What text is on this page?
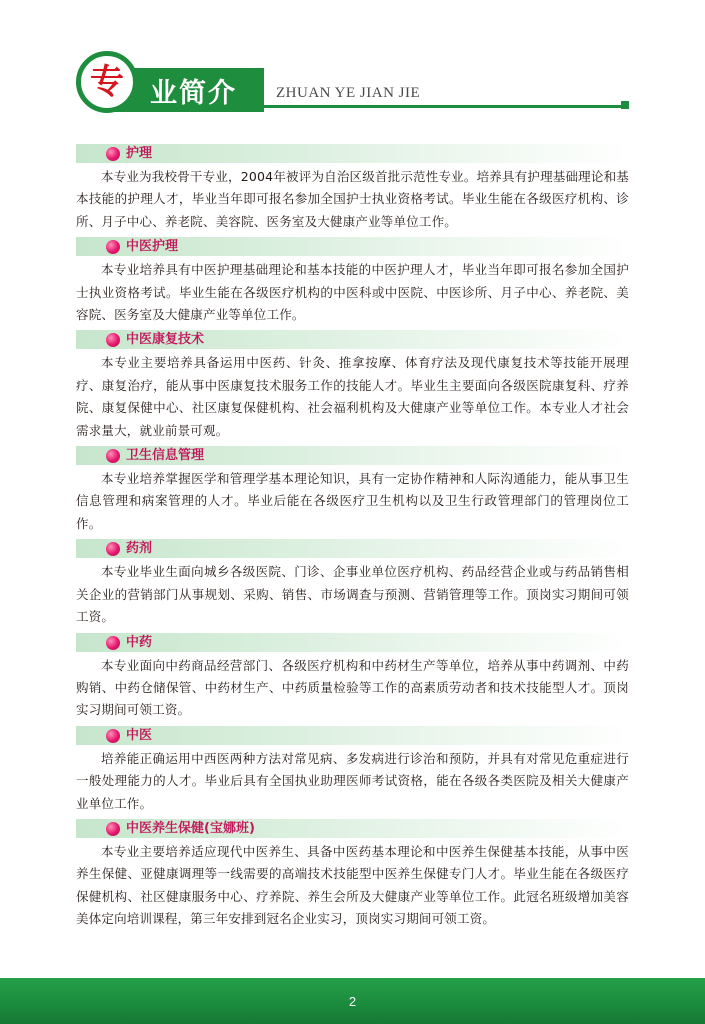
专 业简介	ZHUAN YE JIAN JIE
护理

本专业为我校骨干专业，2004年被评为自治区级首批示范性专业。培养具有护理基础理论和基本技能的护理人才，毕业当年即可报名参加全国护士执业资格考试。毕业生能在各级医疗机构、诊所、月子中心、养老院、美容院、医务室及大健康产业等单位工作。

中医护理

本专业培养具有中医护理基础理论和基本技能的中医护理人才，毕业当年即可报名参加全国护士执业资格考试。毕业生能在各级医疗机构的中医科或中医院、中医诊所、月子中心、养老院、美容院、医务室及大健康产业等单位工作。

中医康复技术

本专业主要培养具备运用中医药、针灸、推拿按摩、体育疗法及现代康复技术等技能开展理疗、康复治疗，能从事中医康复技术服务工作的技能人才。毕业生主要面向各级医院康复科、疗养院、康复保健中心、社区康复保健机构、社会福利机构及大健康产业等单位工作。本专业人才社会需求量大，就业前景可观。

卫生信息管理

本专业培养掌握医学和管理学基本理论知识，具有一定协作精神和人际沟通能力，能从事卫生信息管理和病案管理的人才。毕业后能在各级医疗卫生机构以及卫生行政管理部门的管理岗位工作。

药剂

本专业毕业生面向城乡各级医院、门诊、企事业单位医疗机构、药品经营企业或与药品销售相关企业的营销部门从事规划、采购、销售、市场调查与预测、营销管理等工作。顶岗实习期间可领工资。

中药

本专业面向中药商品经营部门、各级医疗机构和中药材生产等单位，培养从事中药调剂、中药购销、中药仓储保管、中药材生产、中药质量检验等工作的高素质劳动者和技术技能型人才。顶岗实习期间可领工资。

中医

培养能正确运用中西医两种方法对常见病、多发病进行诊治和预防，并具有对常见危重症进行一般处理能力的人才。毕业后具有全国执业助理医师考试资格，能在各级各类医院及相关大健康产业单位工作。

中医养生保健(宝娜班)

本专业主要培养适应现代中医养生、具备中医药基本理论和中医养生保健基本技能，从事中医养生保健、亚健康调理等一线需要的高端技术技能型中医养生保健专门人才。毕业生能在各级医疗保健机构、社区健康服务中心、疗养院、养生会所及大健康产业等单位工作。此冠名班级增加美容美体定向培训课程，第三年安排到冠名企业实习，顶岗实习期间可领工资。

2
